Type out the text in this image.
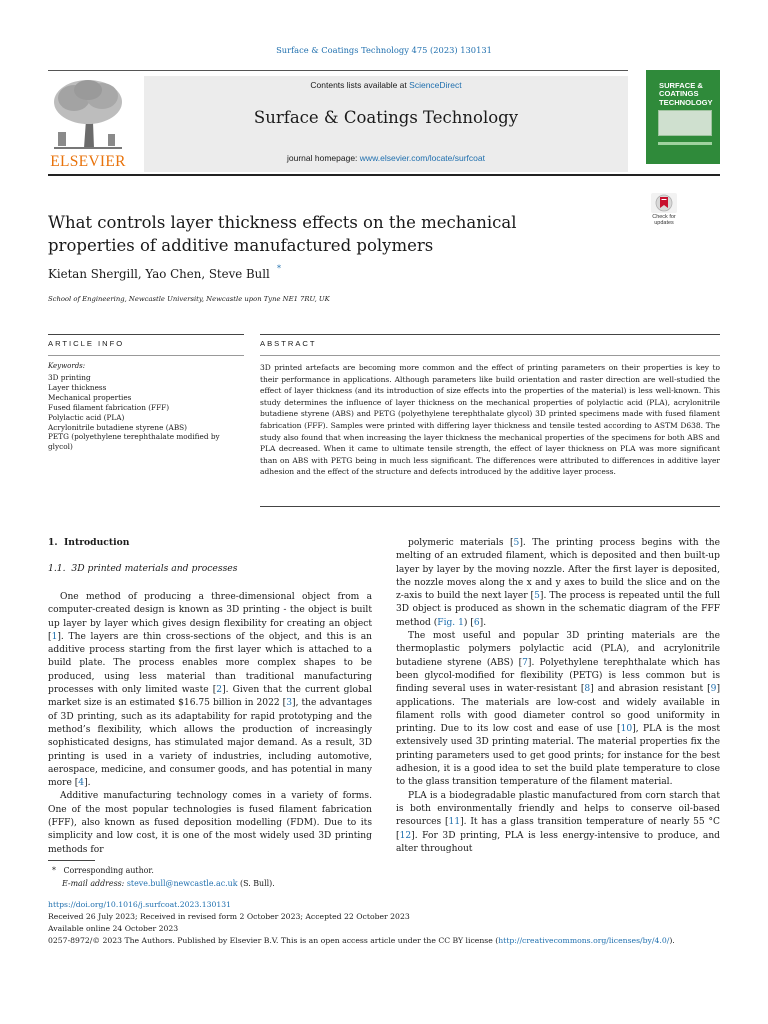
Surface & Coatings Technology 475 (2023) 130131
ELSEVIER
Contents lists available at ScienceDirect
Surface & Coatings Technology
journal homepage: www.elsevier.com/locate/surfcoat
SURFACE &
COATINGS
TECHNOLOGY
What controls layer thickness effects on the mechanical properties of additive manufactured polymers
Check for
updates
Kietan Shergill, Yao Chen, Steve Bull *
School of Engineering, Newcastle University, Newcastle upon Tyne NE1 7RU, UK
ARTICLE INFO	ABSTRACT
Keywords:
3D printing
Layer thickness
Mechanical properties
Fused filament fabrication (FFF)
Polylactic acid (PLA)
Acrylonitrile butadiene styrene (ABS)
PETG (polyethylene terephthalate modified by
glycol)
3D printed artefacts are becoming more common and the effect of printing parameters on their properties is key to their performance in applications. Although parameters like build orientation and raster direction are well-studied the effect of layer thickness (and its introduction of size effects into the properties of the material) is less well-known. This study determines the influence of layer thickness on the mechanical properties of polylactic acid (PLA), acrylonitrile butadiene styrene (ABS) and PETG (polyethylene terephthalate glycol) 3D printed specimens made with fused filament fabrication (FFF). Samples were printed with differing layer thickness and tensile tested according to ASTM D638. The study also found that when increasing the layer thickness the mechanical properties of the specimens for both ABS and PLA decreased. When it came to ultimate tensile strength, the effect of layer thickness on PLA was more significant than on ABS with PETG being in much less significant. The differences were attributed to differences in additive layer adhesion and the effect of the structure and defects introduced by the additive layer process.
1.  Introduction
1.1.  3D printed materials and processes

One method of producing a three-dimensional object from a computer-created design is known as 3D printing - the object is built up layer by layer which gives design flexibility for creating an object [1]. The layers are thin cross-sections of the object, and this is an additive process starting from the first layer which is attached to a build plate. The process enables more complex shapes to be produced, using less material than traditional manufacturing processes with only limited waste [2]. Given that the current global market size is an estimated $16.75 billion in 2022 [3], the advantages of 3D printing, such as its adaptability for rapid prototyping and the method’s flexibility, which allows the production of increasingly sophisticated designs, has stimulated major demand. As a result, 3D printing is used in a variety of industries, including automotive, aerospace, medicine, and consumer goods, and has potential in many more [4].

Additive manufacturing technology comes in a variety of forms. One of the most popular technologies is fused filament fabrication (FFF), also known as fused deposition modelling (FDM). Due to its simplicity and low cost, it is one of the most widely used 3D printing methods for

polymeric materials [5]. The printing process begins with the melting of an extruded filament, which is deposited and then built-up layer by layer by the moving nozzle. After the first layer is deposited, the nozzle moves along the x and y axes to build the slice and on the z-axis to build the next layer [5]. The process is repeated until the full 3D object is produced as shown in the schematic diagram of the FFF method (Fig. 1) [6].

The most useful and popular 3D printing materials are the thermoplastic polymers polylactic acid (PLA), and acrylonitrile butadiene styrene (ABS) [7]. Polyethylene terephthalate which has been glycol-modified for flexibility (PETG) is less common but is finding several uses in water-resistant [8] and abrasion resistant [9] applications. The materials are low-cost and widely available in filament rolls with good diameter control so good uniformity in printing. Due to its low cost and ease of use [10], PLA is the most extensively used 3D printing material. The material properties fix the printing parameters used to get good prints; for instance for the best adhesion, it is a good idea to set the build plate temperature to close to the glass transition temperature of the filament material.

PLA is a biodegradable plastic manufactured from corn starch that is both environmentally friendly and helps to conserve oil-based resources [11]. It has a glass transition temperature of nearly 55 °C [12]. For 3D printing, PLA is less energy-intensive to produce, and alter throughout

* Corresponding author.
E-mail address: steve.bull@newcastle.ac.uk (S. Bull).
https://doi.org/10.1016/j.surfcoat.2023.130131
Received 26 July 2023; Received in revised form 2 October 2023; Accepted 22 October 2023
Available online 24 October 2023
0257-8972/© 2023 The Authors. Published by Elsevier B.V. This is an open access article under the CC BY license (http://creativecommons.org/licenses/by/4.0/).
